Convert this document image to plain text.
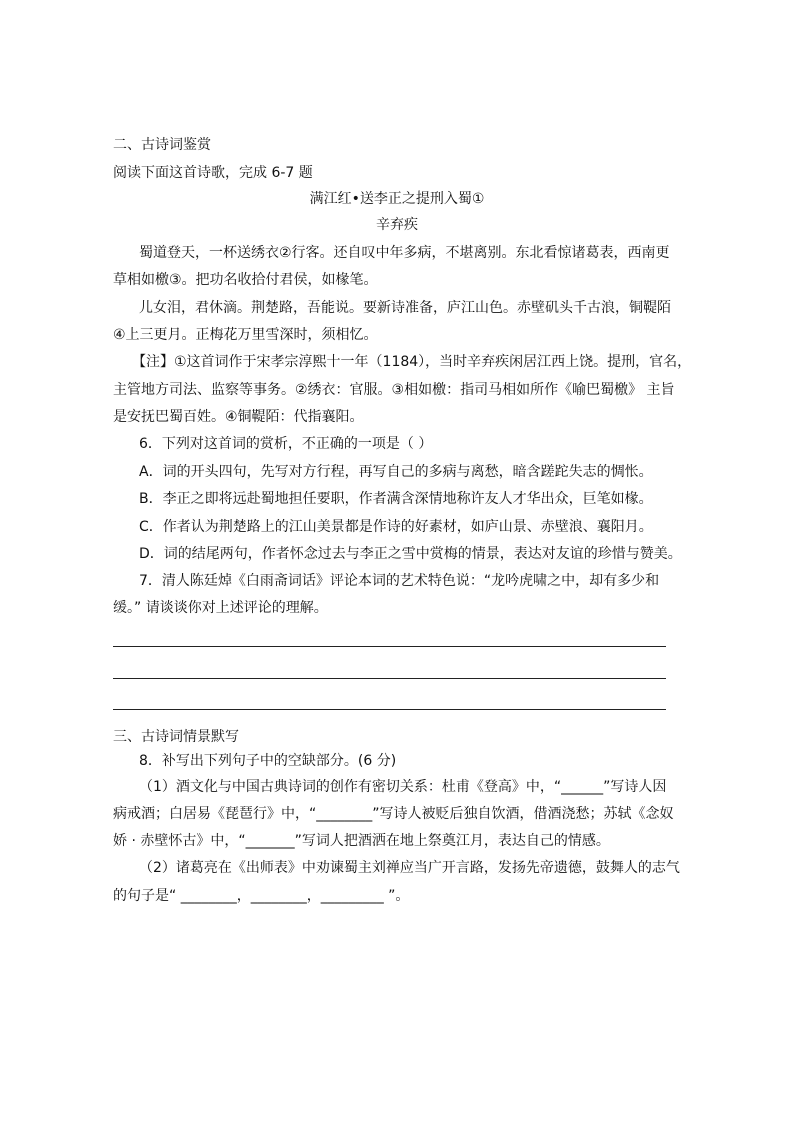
二、古诗词鉴赏
阅读下面这首诗歌，完成 6-7 题
满江红•送李正之提刑入蜀①
辛弃疾
蜀道登天，一杯送绣衣②行客。还自叹中年多病，不堪离别。东北看惊诸葛表，西南更
草相如檄③。把功名收拾付君侯，如椽笔。
儿女泪，君休滴。荆楚路，吾能说。要新诗准备，庐江山色。赤壁矶头千古浪，铜鞮陌
④上三更月。正梅花万里雪深时，须相忆。
【注】①这首词作于宋孝宗淳熙十一年（1184），当时辛弃疾闲居江西上饶。提刑，官名，
主管地方司法、监察等事务。②绣衣：官服。③相如檄：指司马相如所作《喻巴蜀檄》 主旨
是安抚巴蜀百姓。④铜鞮陌：代指襄阳。
6．下列对这首词的赏析，不正确的一项是（ ）
A．词的开头四句，先写对方行程，再写自己的多病与离愁，暗含蹉跎失志的惆怅。
B．李正之即将远赴蜀地担任要职，作者满含深情地称许友人才华出众，巨笔如椽。
C．作者认为荆楚路上的江山美景都是作诗的好素材，如庐山景、赤壁浪、襄阳月。
D．词的结尾两句，作者怀念过去与李正之雪中赏梅的情景，表达对友谊的珍惜与赞美。
7．清人陈廷焯《白雨斋词话》评论本词的艺术特色说：“龙吟虎啸之中，却有多少和
缓。” 请谈谈你对上述评论的理解。
三、古诗词情景默写
8．补写出下列句子中的空缺部分。(6 分)
（1）酒文化与中国古典诗词的创作有密切关系：杜甫《登高》中，“______”写诗人因
病戒酒；白居易《琵琶行》中，“________”写诗人被贬后独自饮酒，借酒浇愁；苏轼《念奴
娇 · 赤壁怀古》中，“_______”写词人把酒洒在地上祭奠江月，表达自己的情感。
（2）诸葛亮在《出师表》中劝谏蜀主刘禅应当广开言路，发扬先帝遗德，鼓舞人的志气
的句子是“ ________，________，_________ ”。
